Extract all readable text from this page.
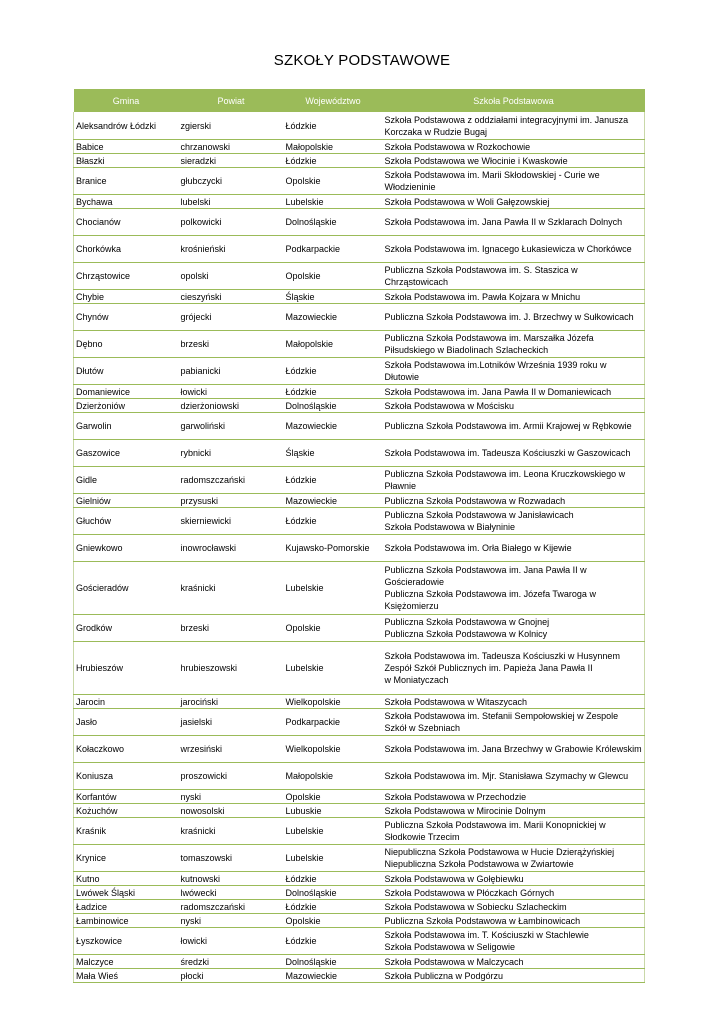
SZKOŁY PODSTAWOWE
Gmina	Powiat	Województwo	Szkoła Podstawowa
Aleksandrów Łódzki	zgierski	Łódzkie	Szkoła Podstawowa z oddziałami integracyjnymi im. Janusza Korczaka w Rudzie Bugaj

Babice	chrzanowski	Małopolskie	Szkoła Podstawowa w Rozkochowie

Błaszki	sieradzki	Łódzkie	Szkoła Podstawowa we Włocinie i Kwaskowie

Branice	głubczycki	Opolskie	Szkoła Podstawowa im. Marii Skłodowskiej - Curie we Włodzieninie

Bychawa	lubelski	Lubelskie	Szkoła Podstawowa w Woli Gałęzowskiej

Chocianów	polkowicki	Dolnośląskie	Szkoła Podstawowa im. Jana Pawła II w Szklarach Dolnych

Chorkówka	krośnieński	Podkarpackie	Szkoła Podstawowa im. Ignacego Łukasiewicza w Chorkówce

Chrząstowice	opolski	Opolskie	Publiczna Szkoła Podstawowa im. S. Staszica w Chrząstowicach

Chybie	cieszyński	Śląskie	Szkoła Podstawowa im. Pawła Kojzara w Mnichu

Chynów	grójecki	Mazowieckie	Publiczna Szkoła Podstawowa im. J. Brzechwy w Sułkowicach

Dębno	brzeski	Małopolskie	Publiczna Szkoła Podstawowa im. Marszałka Józefa Piłsudskiego w Biadolinach Szlacheckich

Dłutów	pabianicki	Łódzkie	Szkoła Podstawowa im.Lotników Września 1939 roku w Dłutowie

Domaniewice	łowicki	Łódzkie	Szkoła Podstawowa im. Jana Pawła II w Domaniewicach

Dzierżoniów	dzierżoniowski	Dolnośląskie	Szkoła Podstawowa w Mościsku

Garwolin	garwoliński	Mazowieckie	Publiczna Szkoła Podstawowa im. Armii Krajowej w Rębkowie

Gaszowice	rybnicki	Śląskie	Szkoła Podstawowa im. Tadeusza Kościuszki w Gaszowicach

Gidle	radomszczański	Łódzkie	Publiczna Szkoła Podstawowa im. Leona Kruczkowskiego w Pławnie

Gielniów	przysuski	Mazowieckie	Publiczna Szkoła Podstawowa w Rozwadach

Głuchów	skierniewicki	Łódzkie	Publiczna Szkoła Podstawowa w Janisławicach
Szkoła Podstawowa w Białyninie

Gniewkowo	inowrocławski	Kujawsko-Pomorskie	Szkoła Podstawowa im. Orła Białego w Kijewie

Gościeradów	kraśnicki	Lubelskie	Publiczna Szkoła Podstawowa im. Jana Pawła II w Gościeradowie
Publiczna Szkoła Podstawowa im. Józefa Twaroga w Księżomierzu

Grodków	brzeski	Opolskie	Publiczna Szkoła Podstawowa w Gnojnej
Publiczna Szkoła Podstawowa w Kolnicy

Hrubieszów	hrubieszowski	Lubelskie	Szkoła Podstawowa im. Tadeusza Kościuszki w Husynnem
Zespół Szkół Publicznych im. Papieża Jana Pawła II
w Moniatyczach

Jarocin	jarociński	Wielkopolskie	Szkoła Podstawowa w Witaszycach

Jasło	jasielski	Podkarpackie	Szkoła Podstawowa im. Stefanii Sempołowskiej w Zespole Szkół w Szebniach

Kołaczkowo	wrzesiński	Wielkopolskie	Szkoła Podstawowa im. Jana Brzechwy w Grabowie Królewskim

Koniusza	proszowicki	Małopolskie	Szkoła Podstawowa im. Mjr. Stanisława Szymachy w Glewcu

Korfantów	nyski	Opolskie	Szkoła Podstawowa w Przechodzie

Kożuchów	nowosolski	Lubuskie	Szkoła Podstawowa w Mirocinie Dolnym

Kraśnik	kraśnicki	Lubelskie	Publiczna Szkoła Podstawowa im. Marii Konopnickiej w Słodkowie Trzecim

Krynice	tomaszowski	Lubelskie	Niepubliczna Szkoła Podstawowa w Hucie Dzierążyńskiej
Niepubliczna Szkoła Podstawowa w Zwiartowie

Kutno	kutnowski	Łódzkie	Szkoła Podstawowa w Gołębiewku

Lwówek Śląski	lwówecki	Dolnośląskie	Szkoła Podstawowa w Płóczkach Górnych

Ładzice	radomszczański	Łódzkie	Szkoła Podstawowa w Sobiecku Szlacheckim

Łambinowice	nyski	Opolskie	Publiczna Szkoła Podstawowa w Łambinowicach

Łyszkowice	łowicki	Łódzkie	Szkoła Podstawowa im. T. Kościuszki w Stachlewie
Szkoła Podstawowa w Seligowie

Malczyce	średzki	Dolnośląskie	Szkoła Podstawowa w Malczycach

Mała Wieś	płocki	Mazowieckie	Szkoła Publiczna w Podgórzu
